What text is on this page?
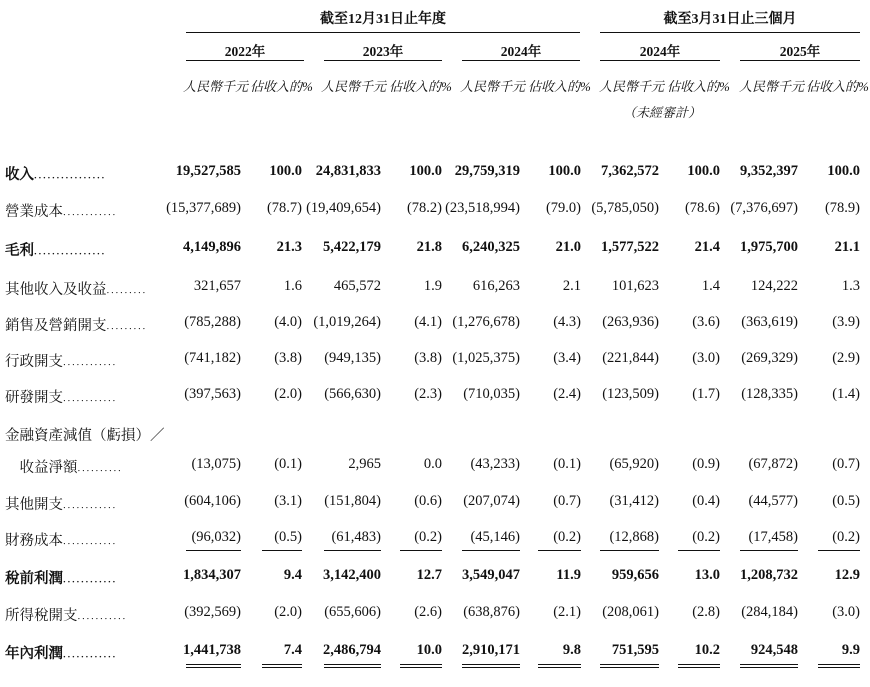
截至12月31日止年度	截至3月31日止三個月
2022年	2023年	2024年	2024年	2025年
人民幣千元 佔收入的% 人民幣千元 佔收入的% 人民幣千元 佔收入的% 人民幣千元 佔收入的% 人民幣千元 佔收入的%
（未經審計）
收入 ．．．．．．．．．．．．．．．．	19,527,585 100.0 24,831,833 100.0 29,759,319 100.0 7,362,572 100.0 9,352,397 100.0
營業成本 ．．．．．．．．．．．．	(15,377,689) (78.7) (19,409,654) (78.2) (23,518,994) (79.0) (5,785,050) (78.6) (7,376,697) (78.9)
毛利 ．．．．．．．．．．．．．．．．	4,149,896 21.3 5,422,179 21.8 6,240,325 21.0 1,577,522 21.4 1,975,700	21.1
其他收入及收益 ．．．．．．．．．	321,657	1.6 465,572	1.9 616,263	2.1 101,623	1.4 124,222	1.3
銷售及營銷開支 ．．．．．．．．． (785,288) (4.0) (1,019,264) (4.1) (1,276,678) (4.3) (263,936) (3.6) (363,619) (3.9)
行政開支 ．．．．．．．．．．．．	(741,182) (3.8) (949,135) (3.8) (1,025,375) (3.4) (221,844) (3.0) (269,329) (2.9)
研發開支 ．．．．．．．．．．．．	(397,563) (2.0) (566,630) (2.3) (710,035) (2.4) (123,509) (1.7) (128,335) (1.4)
金融資產減值（虧損）／
　收益淨額 ．．．．．．．．．．	(13,075) (0.1)	2,965	0.0 (43,233) (0.1) (65,920) (0.9) (67,872) (0.7)
其他開支 ．．．．．．．．．．．．	(604,106) (3.1) (151,804) (0.6) (207,074) (0.7) (31,412) (0.4) (44,577) (0.5)
財務成本 ．．．．．．．．．．．．	(96,032) (0.5) (61,483) (0.2) (45,146) (0.2) (12,868) (0.2) (17,458) (0.2)
稅前利潤 ．．．．．．．．．．．．	1,834,307	9.4 3,142,400 12.7 3,549,047	11.9 959,656 13.0 1,208,732	12.9
所得稅開支 ．．．．．．．．．．．	(392,569) (2.0) (655,606) (2.6) (638,876) (2.1) (208,061) (2.8) (284,184) (3.0)
年內利潤 ．．．．．．．．．．．．	1,441,738	7.4 2,486,794 10.0 2,910,171	9.8 751,595 10.2 924,548	9.9
